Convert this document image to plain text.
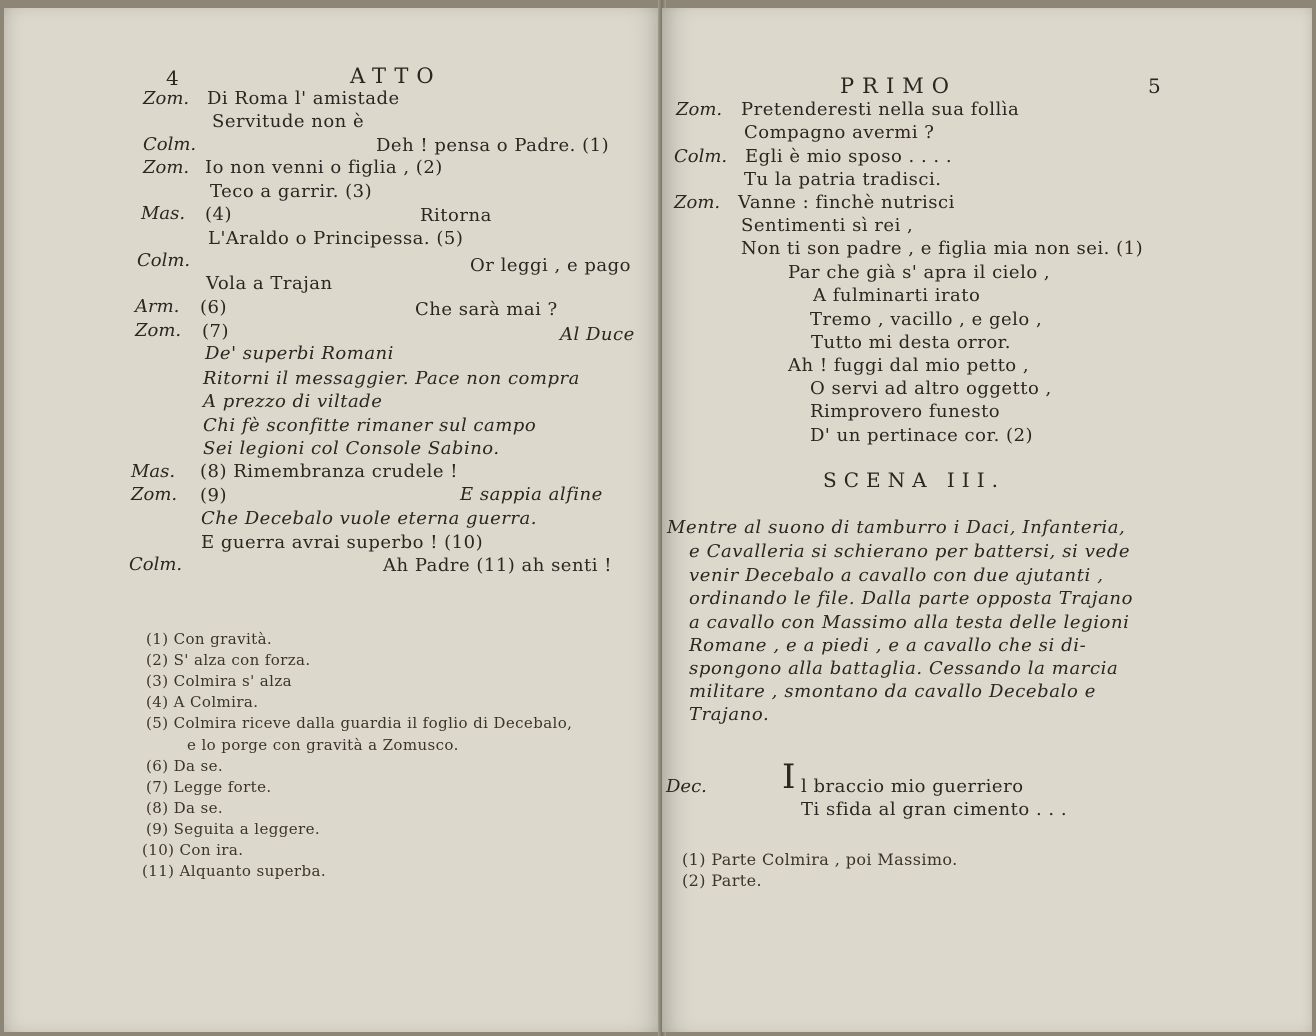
4	ATTO
Zom. Di Roma l' amistade
Servitude non è
Colm.	Deh ! pensa o Padre. (1)
Zom. Io non venni o figlia , (2)
Teco a garrir. (3)
Mas. (4)	Ritorna
L'Araldo o Principessa. (5)
Colm.	Or leggi , e pago
Vola a Trajan
Arm. (6)	Che sarà mai ?
Zom. (7)	Al Duce
De' superbi Romani
Ritorni il messaggier. Pace non compra
A prezzo di viltade
Chi fè sconfitte rimaner sul campo
Sei legioni col Console Sabino.
Mas. (8) Rimembranza crudele !
Zom. (9)	E sappia alfine
Che Decebalo vuole eterna guerra.
E guerra avrai superbo ! (10)
Colm.	Ah Padre (11) ah senti !
(1) Con gravità.
(2) S' alza con forza.
(3) Colmira s' alza
(4) A Colmira.
(5) Colmira riceve dalla guardia il foglio di Decebalo,
e lo porge con gravità a Zomusco.
(6) Da se.
(7) Legge forte.
(8) Da se.
(9) Seguita a leggere.
(10) Con ira.
(11) Alquanto superba.
PRIMO	5
Zom. Pretenderesti nella sua follìa
Compagno avermi ?
Colm. Egli è mio sposo . . . .
Tu la patria tradisci.
Zom. Vanne : finchè nutrisci
Sentimenti sì rei ,
Non ti son padre , e figlia mia non sei. (1)
Par che già s' apra il cielo ,
A fulminarti irato
Tremo , vacillo , e gelo ,
Tutto mi desta orror.
Ah ! fuggi dal mio petto ,
O servi ad altro oggetto ,
Rimprovero funesto
D' un pertinace cor. (2)
SCENA III.
Mentre al suono di tamburro i Daci, Infanteria,
e Cavalleria si schierano per battersi, si vede
venir Decebalo a cavallo con due ajutanti ,
ordinando le file. Dalla parte opposta Trajano
a cavallo con Massimo alla testa delle legioni
Romane , e a piedi , e a cavallo che si di-
spongono alla battaglia. Cessando la marcia
militare , smontano da cavallo Decebalo e
Trajano.
Dec. I l braccio mio guerriero
Ti sfida al gran cimento . . .
(1) Parte Colmira , poi Massimo.
(2) Parte.
